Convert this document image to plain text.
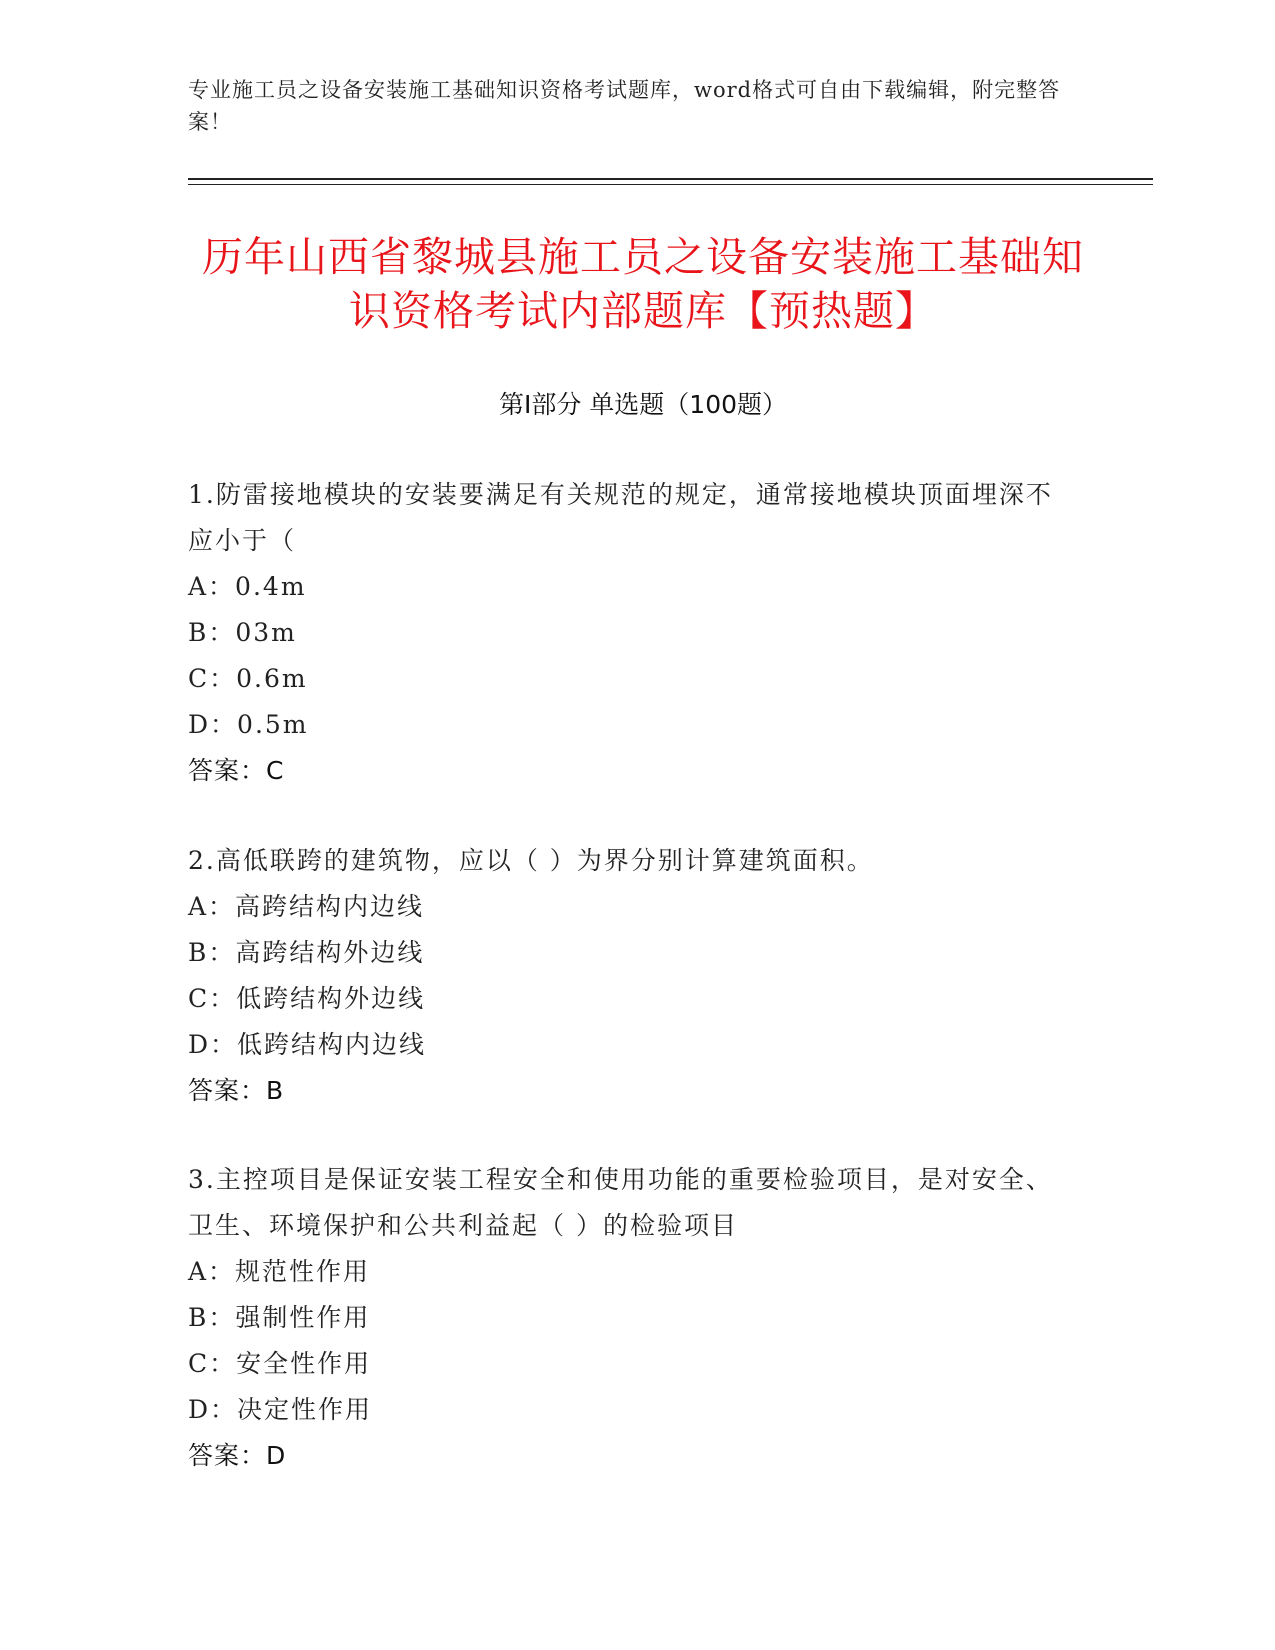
专业施工员之设备安装施工基础知识资格考试题库，word格式可自由下载编辑，附完整答案！
历年山西省黎城县施工员之设备安装施工基础知识资格考试内部题库【预热题】
第Ⅰ部分 单选题（100题）
1.防雷接地模块的安装要满足有关规范的规定，通常接地模块顶面埋深不应小于（
A：0.4m
B：03m
C：0.6m
D：0.5m
答案：C
2.高低联跨的建筑物，应以（ ）为界分别计算建筑面积。
A：高跨结构内边线
B：高跨结构外边线
C：低跨结构外边线
D：低跨结构内边线
答案：B
3.主控项目是保证安装工程安全和使用功能的重要检验项目，是对安全、卫生、环境保护和公共利益起（ ）的检验项目
A：规范性作用
B：强制性作用
C：安全性作用
D：决定性作用
答案：D
